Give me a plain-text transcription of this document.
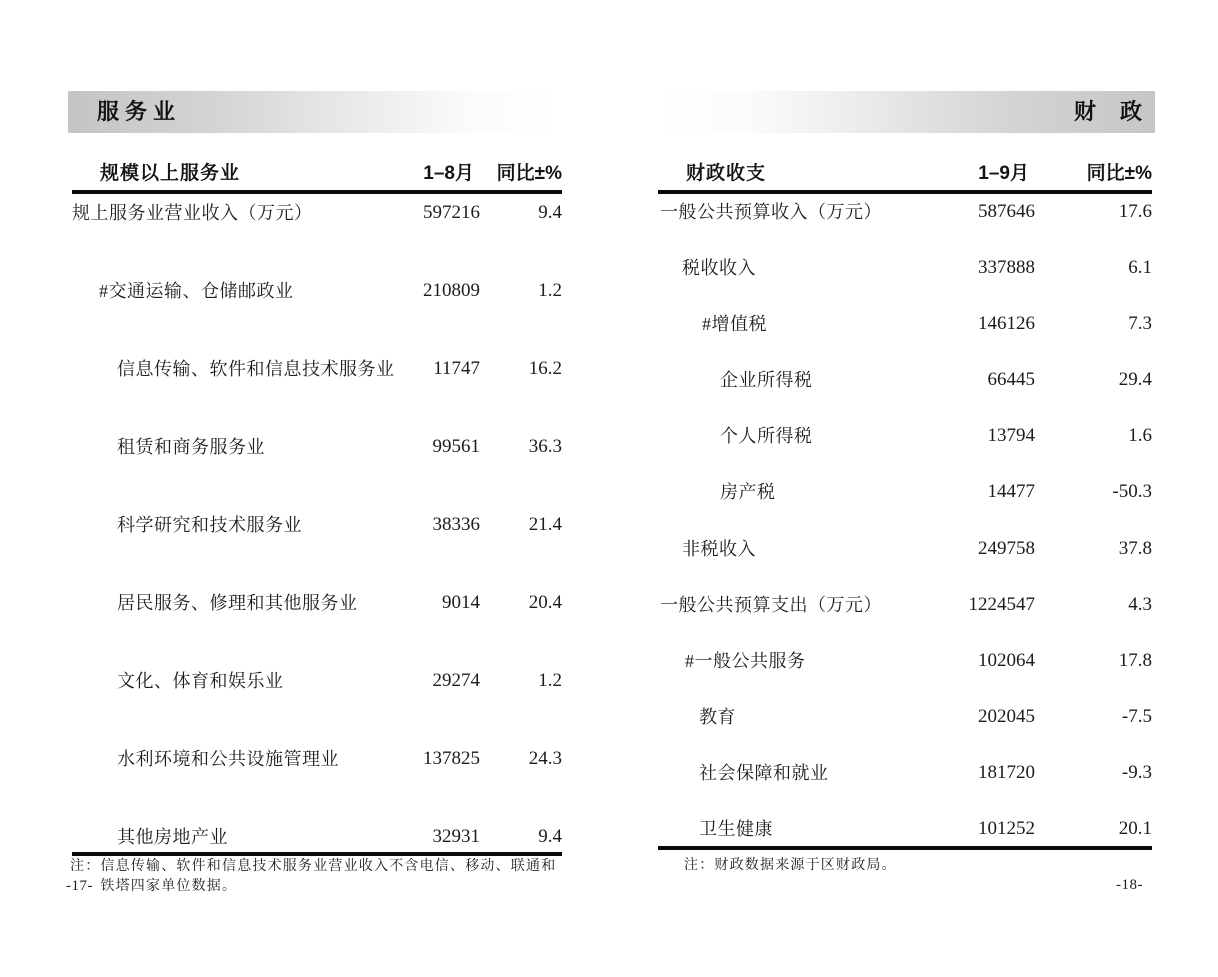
服务业
规模以上服务业	1–8月	同比±%
规上服务业营业收入（万元）	597216	9.4
#交通运输、仓储邮政业	210809	1.2
信息传输、软件和信息技术服务业	11747	16.2
租赁和商务服务业	99561	36.3
科学研究和技术服务业	38336	21.4
居民服务、修理和其他服务业	9014	20.4
文化、体育和娱乐业	29274	1.2
水利环境和公共设施管理业	137825	24.3
其他房地产业	32931	9.4
注： 信息传输、软件和信息技术服务业营业收入不含电信、移动、联通和铁塔四家单位数据。
-17-
财　政
财政收支	1–9月	同比±%
一般公共预算收入（万元）	587646	17.6
税收收入	337888	6.1
#增值税	146126	7.3
企业所得税	66445	29.4
个人所得税	13794	1.6
房产税	14477	-50.3
非税收入	249758	37.8
一般公共预算支出（万元）	1224547	4.3
#一般公共服务	102064	17.8
教育	202045	-7.5
社会保障和就业	181720	-9.3
卫生健康	101252	20.1
注： 财政数据来源于区财政局。
-18-
